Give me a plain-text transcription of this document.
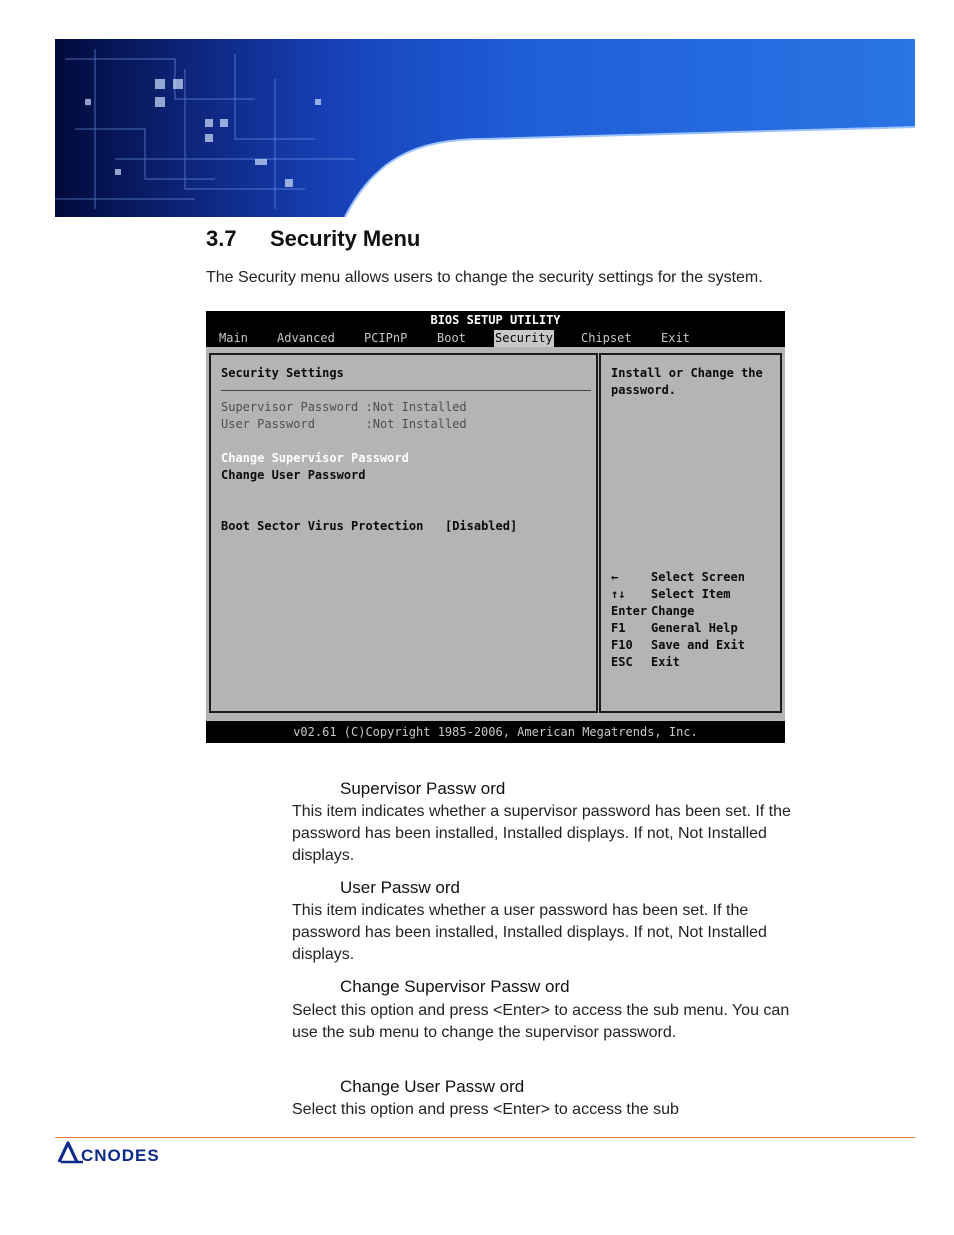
3.7 Security Menu
The Security menu allows users to change the security settings for the system.
BIOS SETUP UTILITY
Main Advanced PCIPnP Boot Security Chipset Exit
Security Settings
Supervisor Password :Not Installed
User Password       :Not Installed
Change Supervisor Password
Change User Password
Boot Sector Virus Protection   [Disabled]
Install or Change the
password.
←	Select Screen
↑↓ Select Item
Enter Change
F1 General Help
F10 Save and Exit
ESC Exit
v02.61 (C)Copyright 1985-2006, American Megatrends, Inc.
Supervisor Passw ord
This item indicates whether a supervisor password has been set. If the password has been installed, Installed displays. If not, Not Installed displays.
User Passw ord
This item indicates whether a user password has been set. If the password has been installed, Installed displays. If not, Not Installed displays.
Change Supervisor Passw ord
Select this option and press <Enter> to access the sub menu. You can use the sub menu to change the supervisor password.
Change User Passw ord
Select this option and press <Enter> to access the sub
CNODES
